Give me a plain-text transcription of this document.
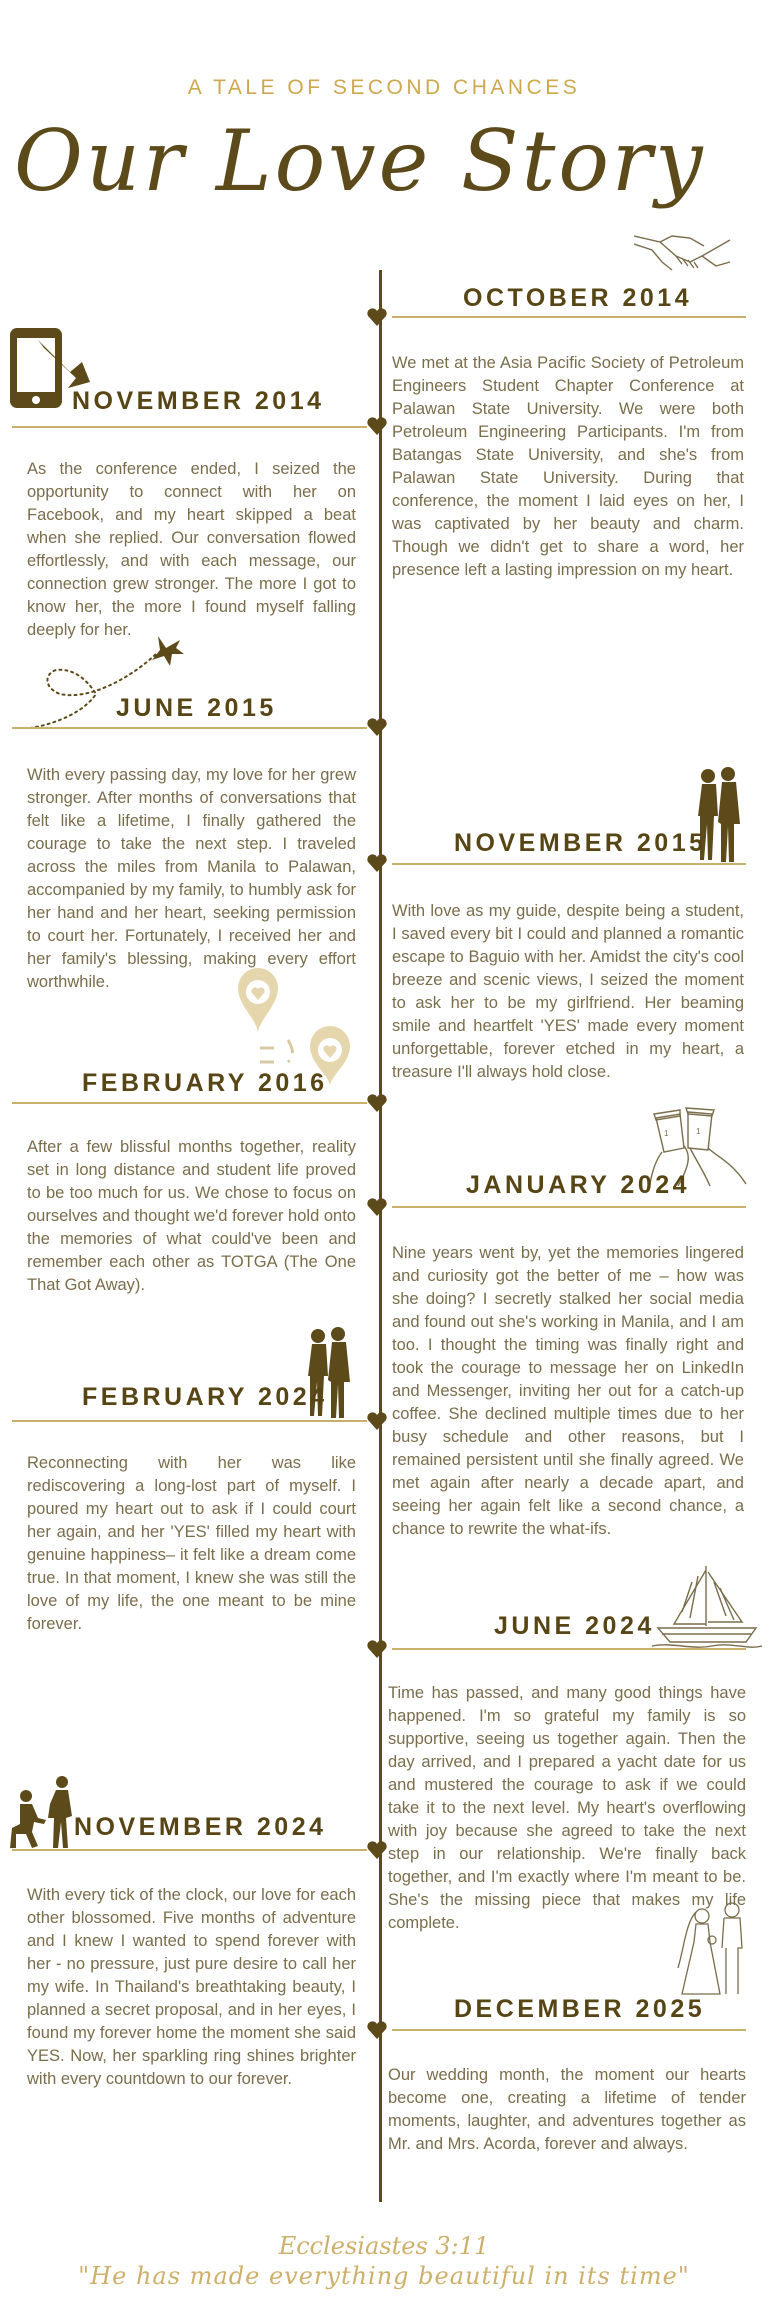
A TALE OF SECOND CHANCES
Our Love Story
OCTOBER 2014
We met at the Asia Pacific Society of Petroleum Engineers Student Chapter Conference at Palawan State University. We were both Petroleum Engineering Participants. I'm from Batangas State University, and she's from Palawan State University. During that conference, the moment I laid eyes on her, I was captivated by her beauty and charm. Though we didn't get to share a word, her presence left a lasting impression on my heart.
NOVEMBER 2014
As the conference ended, I seized the opportunity to connect with her on Facebook, and my heart skipped a beat when she replied. Our conversation flowed effortlessly, and with each message, our connection grew stronger. The more I got to know her, the more I found myself falling deeply for her.
JUNE 2015
With every passing day, my love for her grew stronger. After months of conversations that felt like a lifetime, I finally gathered the courage to take the next step. I traveled across the miles from Manila to Palawan, accompanied by my family, to humbly ask for her hand and her heart, seeking permission to court her. Fortunately, I received her and her family's blessing, making every effort worthwhile.
NOVEMBER 2015
With love as my guide, despite being a student, I saved every bit I could and planned a romantic escape to Baguio with her. Amidst the city's cool breeze and scenic views, I seized the moment to ask her to be my girlfriend. Her beaming smile and heartfelt 'YES' made every moment unforgettable, forever etched in my heart, a treasure I'll always hold close.
FEBRUARY 2016
After a few blissful months together, reality set in long distance and student life proved to be too much for us. We chose to focus on ourselves and thought we'd forever hold onto the memories of what could've been and remember each other as TOTGA (The One That Got Away).
1	1
JANUARY 2024
Nine years went by, yet the memories lingered and curiosity got the better of me – how was she doing? I secretly stalked her social media and found out she's working in Manila, and I am too. I thought the timing was finally right and took the courage to message her on LinkedIn and Messenger, inviting her out for a catch-up coffee. She declined multiple times due to her busy schedule and other reasons, but I remained persistent until she finally agreed. We met again after nearly a decade apart, and seeing her again felt like a second chance, a chance to rewrite the what-ifs.
FEBRUARY 2024
Reconnecting with her was like rediscovering a long-lost part of myself. I poured my heart out to ask if I could court her again, and her 'YES' filled my heart with genuine happiness– it felt like a dream come true. In that moment, I knew she was still the love of my life, the one meant to be mine forever.	JUNE 2024
Time has passed, and many good things have happened. I'm so grateful my family is so supportive, seeing us together again. Then the day arrived, and I prepared a yacht date for us and mustered the courage to ask if we could take it to the next level. My heart's overflowing with joy because she agreed to take the next step in our relationship. We're finally back together, and I'm exactly where I'm meant to be. She's the missing piece that makes my life complete.
NOVEMBER 2024
With every tick of the clock, our love for each other blossomed. Five months of adventure and I knew I wanted to spend forever with her - no pressure, just pure desire to call her my wife. In Thailand's breathtaking beauty, I planned a secret proposal, and in her eyes, I found my forever home the moment she said YES. Now, her sparkling ring shines brighter with every countdown to our forever.
DECEMBER 2025
Our wedding month, the moment our hearts become one, creating a lifetime of tender moments, laughter, and adventures together as Mr. and Mrs. Acorda, forever and always.
Ecclesiastes 3:11
"He has made everything beautiful in its time"
